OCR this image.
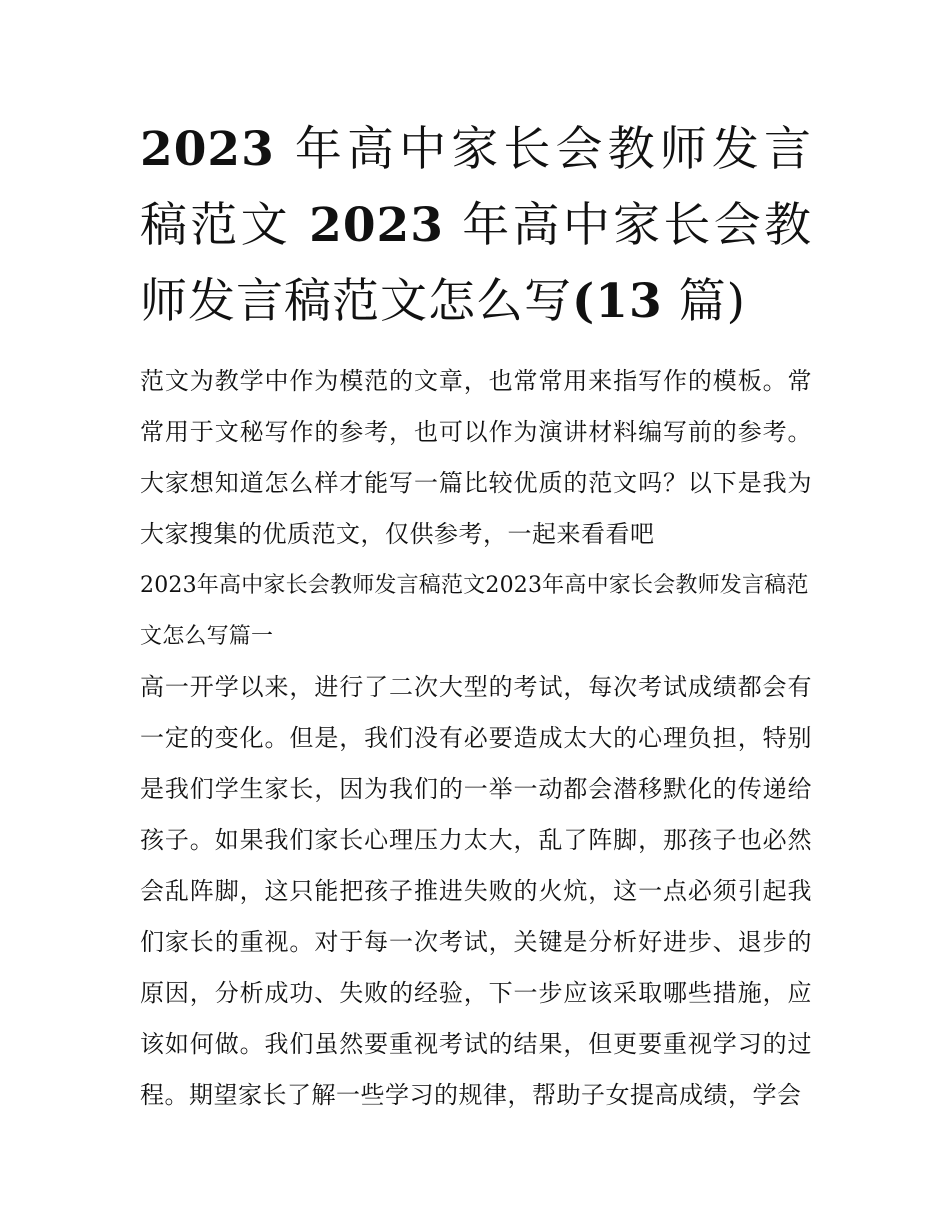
2023 年高中家长会教师发言稿范文 2023 年高中家长会教师发言稿范文怎么写(13 篇)

范文为教学中作为模范的文章，也常常用来指写作的模板。常常用于文秘写作的参考，也可以作为演讲材料编写前的参考。大家想知道怎么样才能写一篇比较优质的范文吗？以下是我为大家搜集的优质范文，仅供参考，一起来看看吧

2023年高中家长会教师发言稿范文2023年高中家长会教师发言稿范文怎么写篇一

高一开学以来，进行了二次大型的考试，每次考试成绩都会有一定的变化。但是，我们没有必要造成太大的心理负担，特别是我们学生家长，因为我们的一举一动都会潜移默化的传递给孩子。如果我们家长心理压力太大，乱了阵脚，那孩子也必然会乱阵脚，这只能把孩子推进失败的火炕，这一点必须引起我们家长的重视。对于每一次考试，关键是分析好进步、退步的原因，分析成功、失败的经验，下一步应该采取哪些措施，应该如何做。我们虽然要重视考试的结果，但更要重视学习的过程。期望家长了解一些学习的规律，帮助子女提高成绩，学会
